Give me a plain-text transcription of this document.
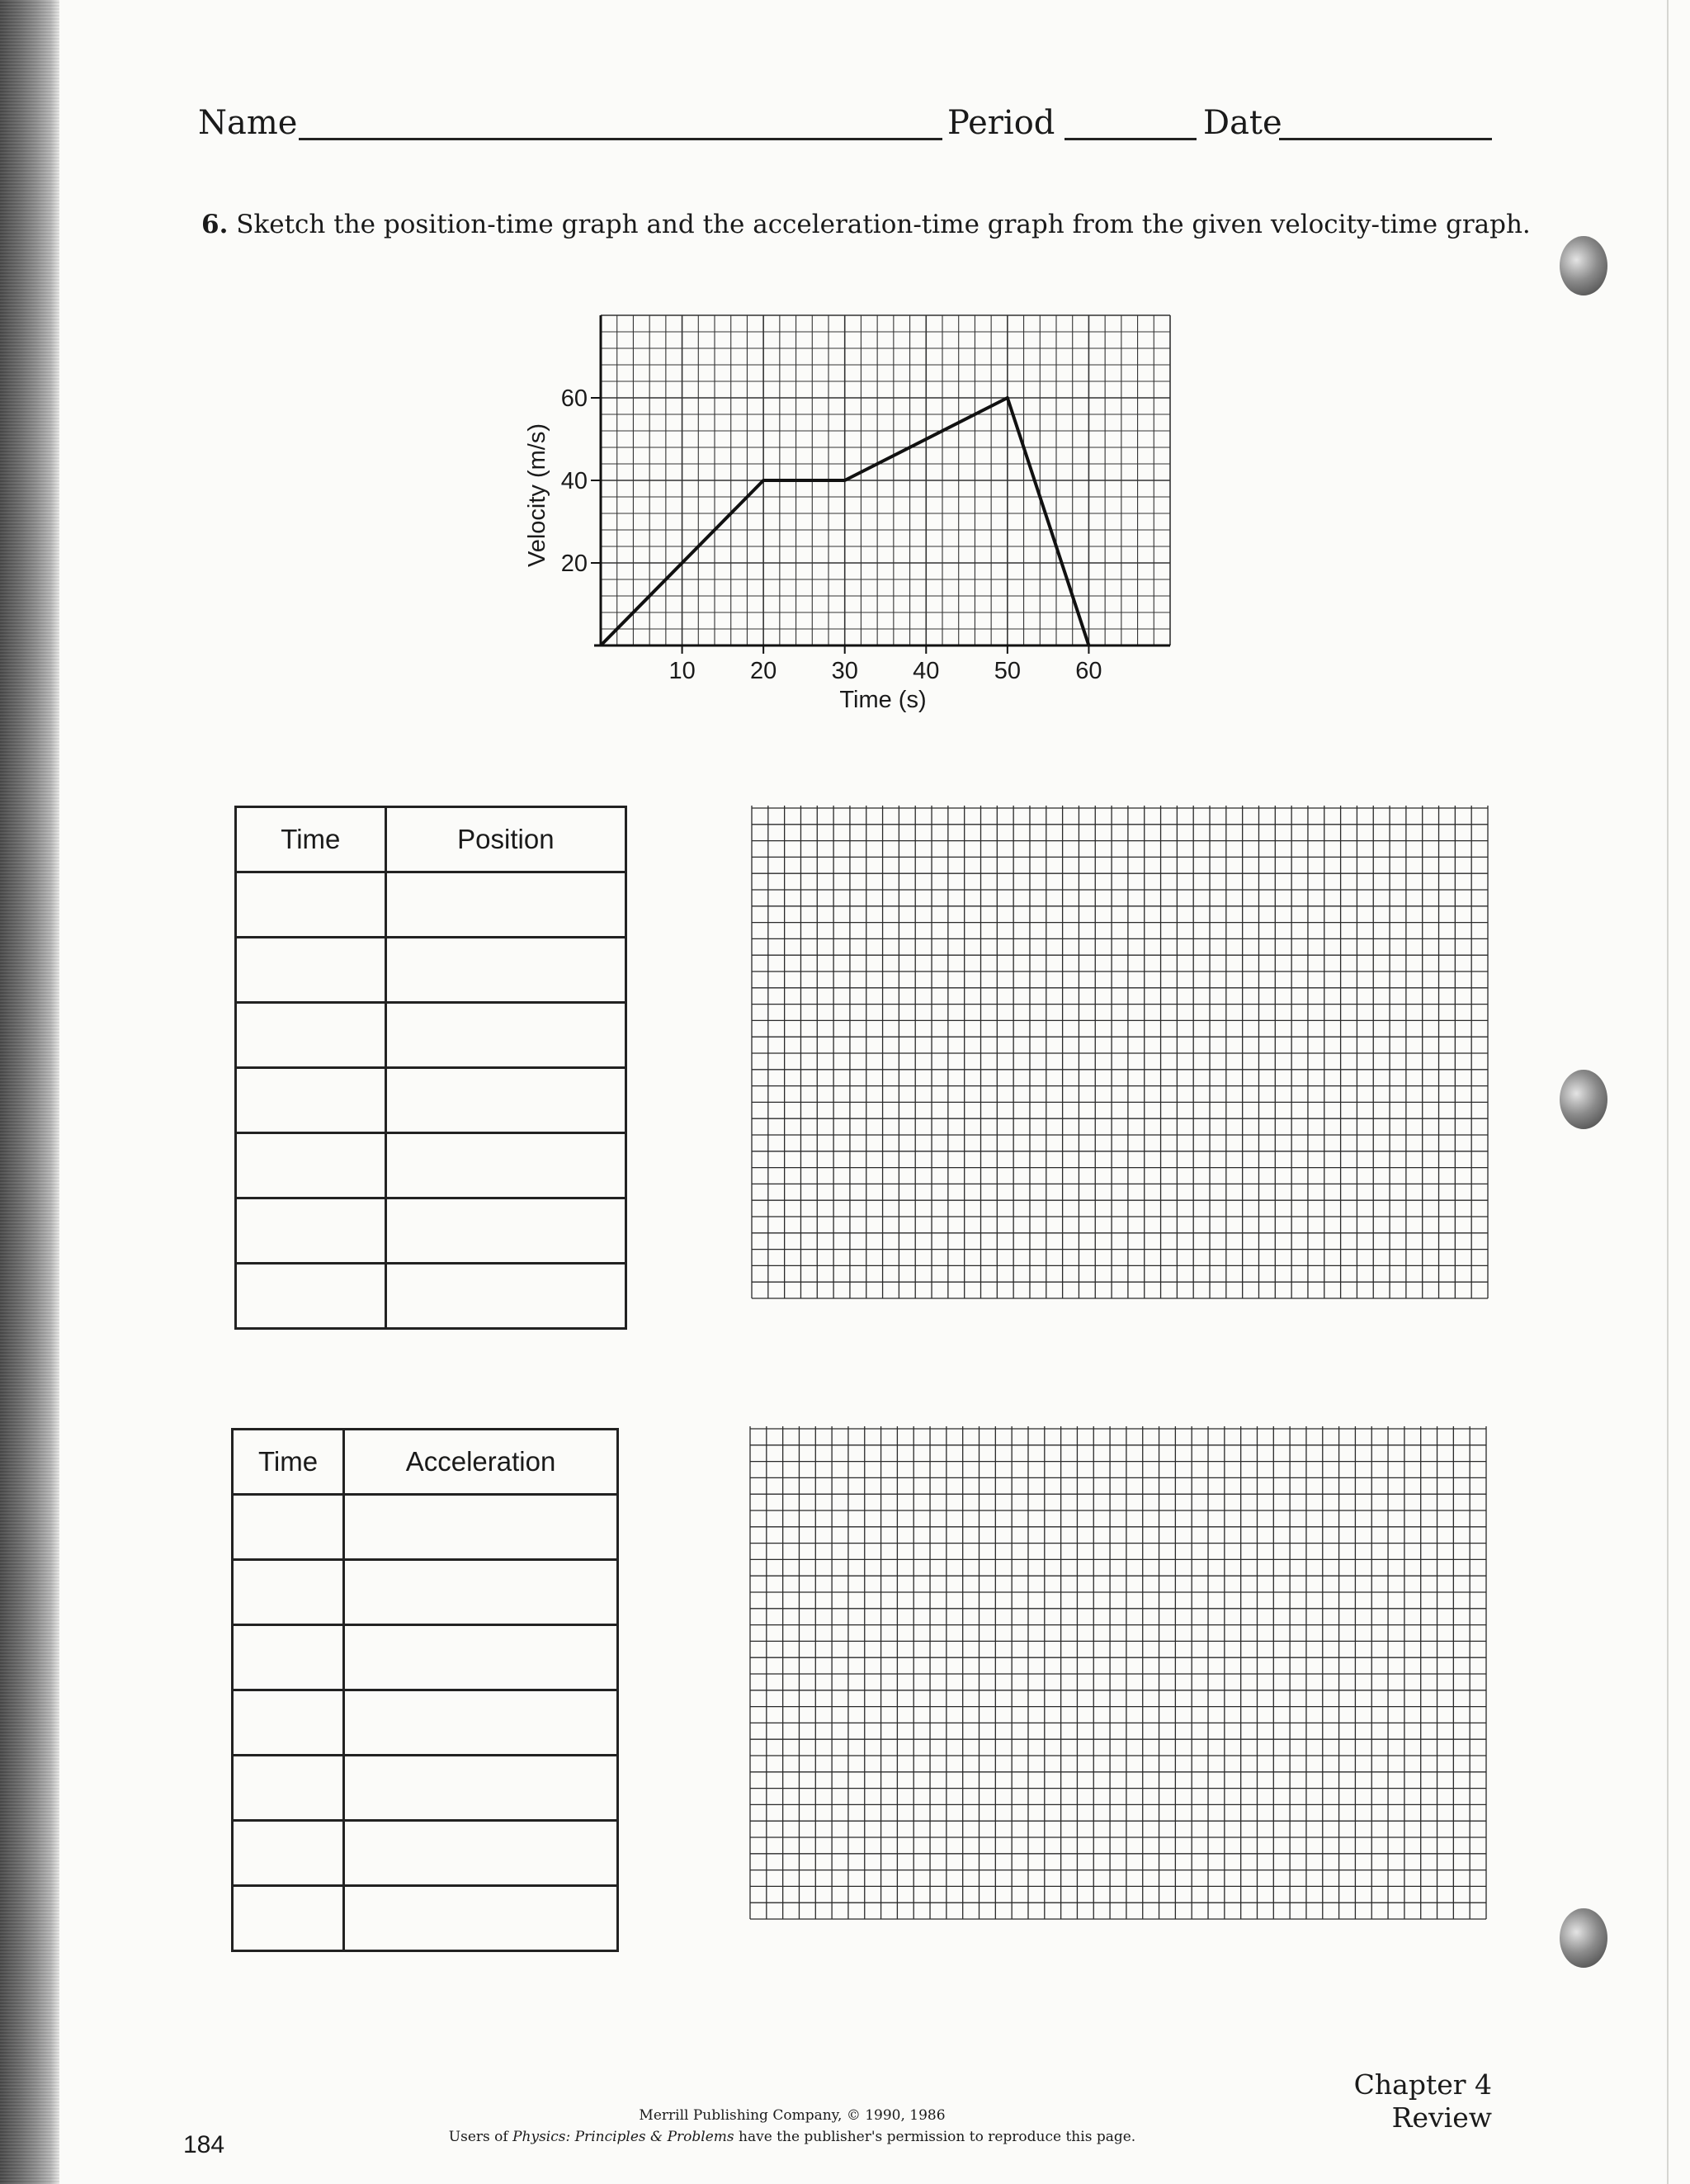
Name	Period	Date
6. Sketch the position-time graph and the acceleration-time graph from the given velocity-time graph.
10 20 30 40 50 60
20
40
60
Time (s)
Velocity (m/s)
Time	Position

Time	Acceleration

184
Merrill Publishing Company, © 1990, 1986
Users of Physics: Principles & Problems have the publisher's permission to reproduce this page.
Chapter 4
Review
